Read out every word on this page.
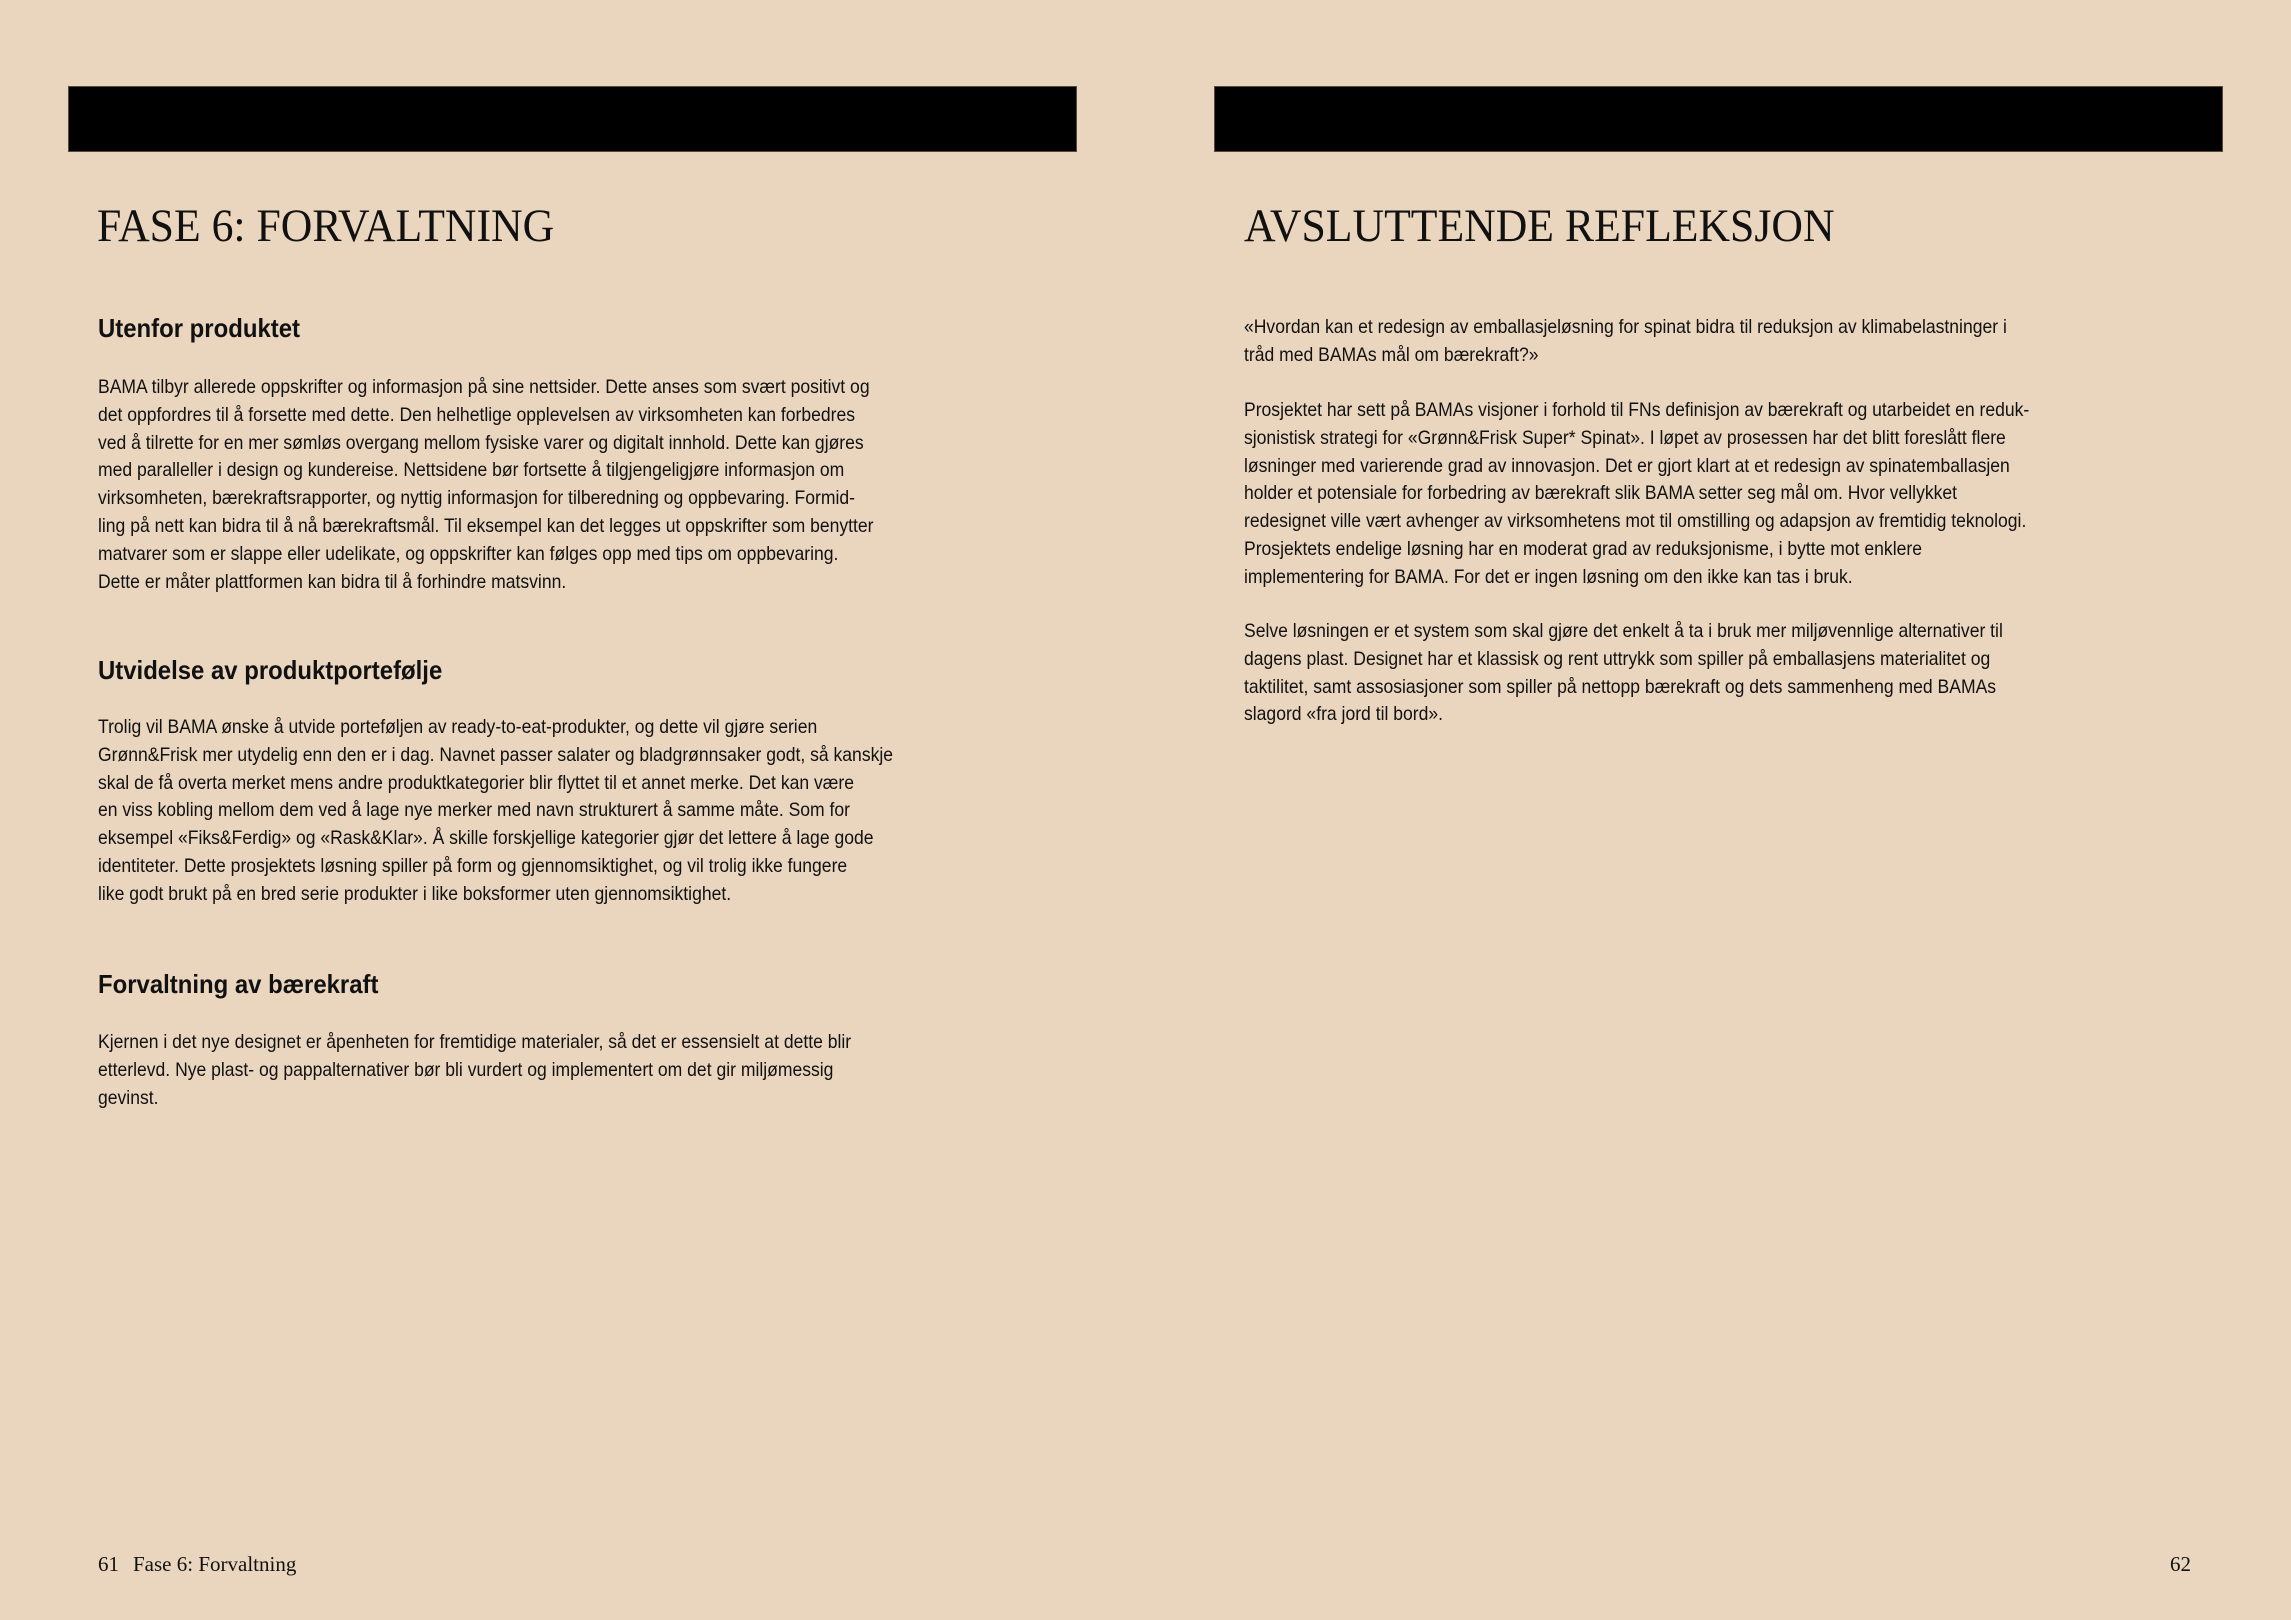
FASE 6: FORVALTNING
Utenfor produktet
BAMA tilbyr allerede oppskrifter og informasjon på sine nettsider. Dette anses som svært positivt og
det oppfordres til å forsette med dette. Den helhetlige opplevelsen av virksomheten kan forbedres
ved å tilrette for en mer sømløs overgang mellom fysiske varer og digitalt innhold. Dette kan gjøres
med paralleller i design og kundereise. Nettsidene bør fortsette å tilgjengeligjøre informasjon om
virksomheten, bærekraftsrapporter, og nyttig informasjon for tilberedning og oppbevaring. Formid-
ling på nett kan bidra til å nå bærekraftsmål. Til eksempel kan det legges ut oppskrifter som benytter
matvarer som er slappe eller udelikate, og oppskrifter kan følges opp med tips om oppbevaring.
Dette er måter plattformen kan bidra til å forhindre matsvinn.
Utvidelse av produktportefølje
Trolig vil BAMA ønske å utvide porteføljen av ready-to-eat-produkter, og dette vil gjøre serien
Grønn&Frisk mer utydelig enn den er i dag. Navnet passer salater og bladgrønnsaker godt, så kanskje
skal de få overta merket mens andre produktkategorier blir flyttet til et annet merke. Det kan være
en viss kobling mellom dem ved å lage nye merker med navn strukturert å samme måte. Som for
eksempel «Fiks&Ferdig» og «Rask&Klar». Å skille forskjellige kategorier gjør det lettere å lage gode
identiteter. Dette prosjektets løsning spiller på form og gjennomsiktighet, og vil trolig ikke fungere
like godt brukt på en bred serie produkter i like boksformer uten gjennomsiktighet.
Forvaltning av bærekraft
Kjernen i det nye designet er åpenheten for fremtidige materialer, så det er essensielt at dette blir
etterlevd. Nye plast- og pappalternativer bør bli vurdert og implementert om det gir miljømessig
gevinst.
61 Fase 6: Forvaltning
AVSLUTTENDE REFLEKSJON
«Hvordan kan et redesign av emballasjeløsning for spinat bidra til reduksjon av klimabelastninger i
tråd med BAMAs mål om bærekraft?»
Prosjektet har sett på BAMAs visjoner i forhold til FNs definisjon av bærekraft og utarbeidet en reduk-
sjonistisk strategi for «Grønn&Frisk Super* Spinat». I løpet av prosessen har det blitt foreslått flere
løsninger med varierende grad av innovasjon. Det er gjort klart at et redesign av spinatemballasjen
holder et potensiale for forbedring av bærekraft slik BAMA setter seg mål om. Hvor vellykket
redesignet ville vært avhenger av virksomhetens mot til omstilling og adapsjon av fremtidig teknologi.
Prosjektets endelige løsning har en moderat grad av reduksjonisme, i bytte mot enklere
implementering for BAMA. For det er ingen løsning om den ikke kan tas i bruk.
Selve løsningen er et system som skal gjøre det enkelt å ta i bruk mer miljøvennlige alternativer til
dagens plast. Designet har et klassisk og rent uttrykk som spiller på emballasjens materialitet og
taktilitet, samt assosiasjoner som spiller på nettopp bærekraft og dets sammenheng med BAMAs
slagord «fra jord til bord».
62
